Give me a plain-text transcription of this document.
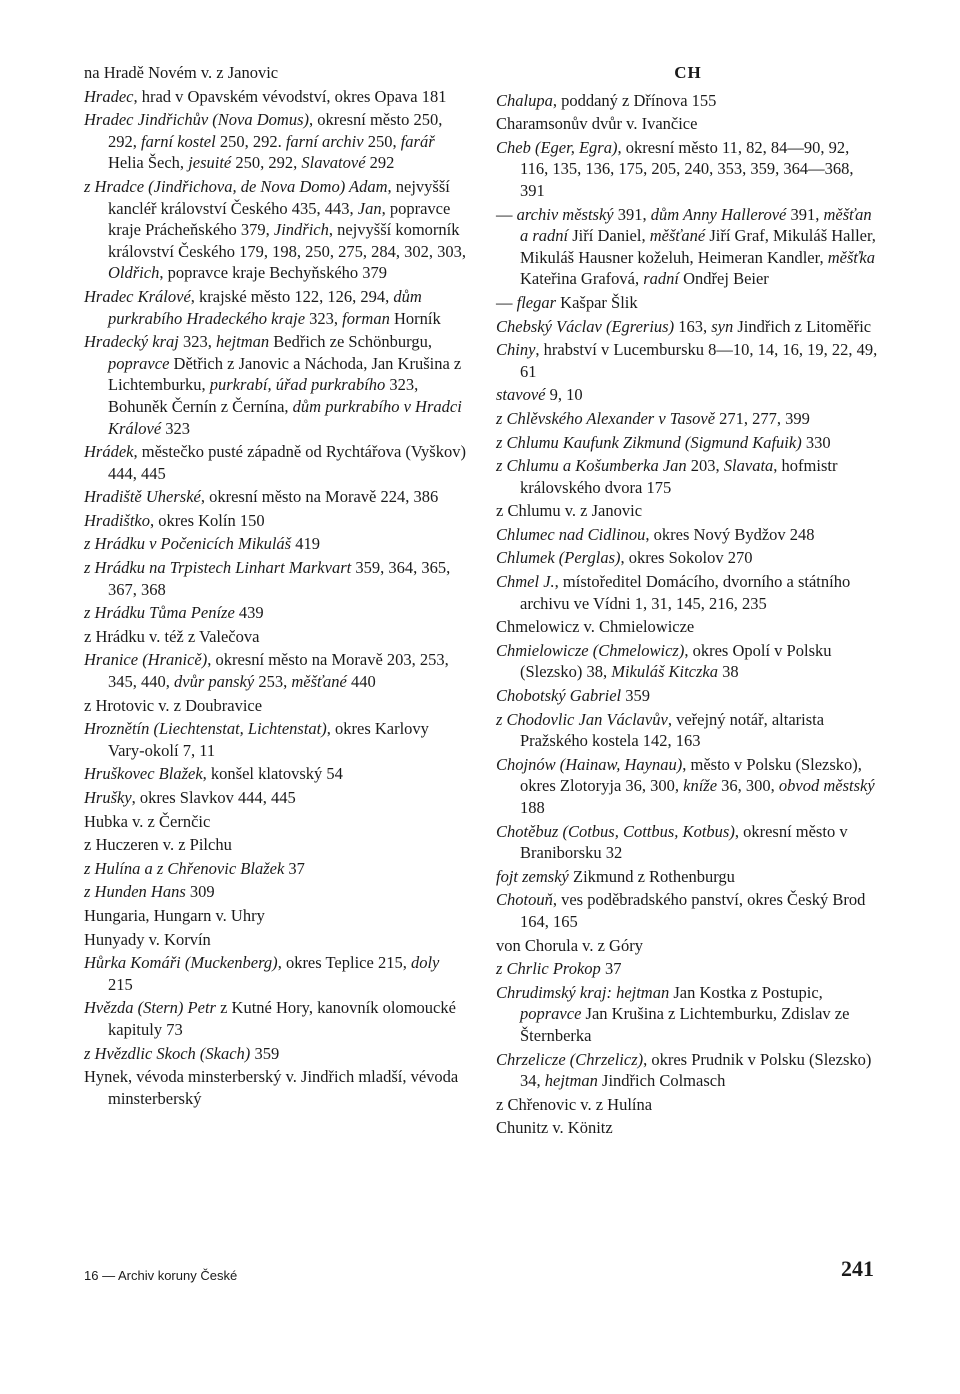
na Hradě Novém v. z Janovic
Hradec, hrad v Opavském vévodství, okres Opava 181
Hradec Jindřichův (Nova Domus), okresní město 250, 292, farní kostel 250, 292. farní archiv 250, farář Helia Šech, jesuité 250, 292, Slavatové 292
z Hradce (Jindřichova, de Nova Domo) Adam, nejvyšší kancléř království Českého 435, 443, Jan, popravce kraje Prácheňského 379, Jindřich, nejvyšší komorník království Českého 179, 198, 250, 275, 284, 302, 303, Oldřich, popravce kraje Bechyňského 379
Hradec Králové, krajské město 122, 126, 294, dům purkrabího Hradeckého kraje 323, forman Horník
Hradecký kraj 323, hejtman Bedřich ze Schönburgu, popravce Dětřich z Janovic a Náchoda, Jan Krušina z Lichtemburku, purkrabí, úřad purkrabího 323, Bohuněk Černín z Černína, dům purkrabího v Hradci Králové 323
Hrádek, městečko pusté západně od Rychtářova (Vyškov) 444, 445
Hradiště Uherské, okresní město na Moravě 224, 386
Hradištko, okres Kolín 150
z Hrádku v Počenicích Mikuláš 419
z Hrádku na Trpistech Linhart Markvart 359, 364, 365, 367, 368
z Hrádku Tůma Peníze 439
z Hrádku v. též z Valečova
Hranice (Hranicě), okresní město na Moravě 203, 253, 345, 440, dvůr panský 253, měšťané 440
z Hrotovic v. z Doubravice
Hroznětín (Liechtenstat, Lichtenstat), okres Karlovy Vary-okolí 7, 11
Hruškovec Blažek, konšel klatovský 54
Hrušky, okres Slavkov 444, 445
Hubka v. z Černčic
z Huczeren v. z Pilchu
z Hulína a z Chřenovic Blažek 37
z Hunden Hans 309
Hungaria, Hungarn v. Uhry
Hunyady v. Korvín
Hůrka Komáři (Muckenberg), okres Teplice 215, doly 215
Hvězda (Stern) Petr z Kutné Hory, kanovník olomoucké kapituly 73
z Hvězdlic Skoch (Skach) 359
Hynek, vévoda minsterberský v. Jindřich mladší, vévoda minsterberský
CH
Chalupa, poddaný z Dřínova 155
Charamsonův dvůr v. Ivančice
Cheb (Eger, Egra), okresní město 11, 82, 84—90, 92, 116, 135, 136, 175, 205, 240, 353, 359, 364—368, 391
— archiv městský 391, dům Anny Hallerové 391, měšťan a radní Jiří Daniel, měšťané Jiří Graf, Mikuláš Haller, Mikuláš Hausner koželuh, Heimeran Kandler, měšťka Kateřina Grafová, radní Ondřej Beier
— flegar Kašpar Šlik
Chebský Václav (Egrerius) 163, syn Jindřich z Litoměřic
Chiny, hrabství v Lucembursku 8—10, 14, 16, 19, 22, 49, 61
stavové 9, 10
z Chlěvského Alexander v Tasově 271, 277, 399
z Chlumu Kaufunk Zikmund (Sigmund Kafuik) 330
z Chlumu a Košumberka Jan 203, Slavata, hofmistr královského dvora 175
z Chlumu v. z Janovic
Chlumec nad Cidlinou, okres Nový Bydžov 248
Chlumek (Perglas), okres Sokolov 270
Chmel J., místoředitel Domácího, dvorního a státního archivu ve Vídni 1, 31, 145, 216, 235
Chmelowicz v. Chmielowicze
Chmielowicze (Chmelowicz), okres Opolí v Polsku (Slezsko) 38, Mikuláš Kitczka 38
Chobotský Gabriel 359
z Chodovlic Jan Václavův, veřejný notář, altarista Pražského kostela 142, 163
Chojnów (Hainaw, Haynau), město v Polsku (Slezsko), okres Zlotoryja 36, 300, kníže 36, 300, obvod městský 188
Chotěbuz (Cotbus, Cottbus, Kotbus), okresní město v Braniborsku 32
fojt zemský Zikmund z Rothenburgu
Chotouň, ves poděbradského panství, okres Český Brod 164, 165
von Chorula v. z Góry
z Chrlic Prokop 37
Chrudimský kraj: hejtman Jan Kostka z Postupic, popravce Jan Krušina z Lichtemburku, Zdislav ze Šternberka
Chrzelicze (Chrzelicz), okres Prudnik v Polsku (Slezsko) 34, hejtman Jindřich Colmasch
z Chřenovic v. z Hulína
Chunitz v. Könitz
16 — Archiv koruny České	241
